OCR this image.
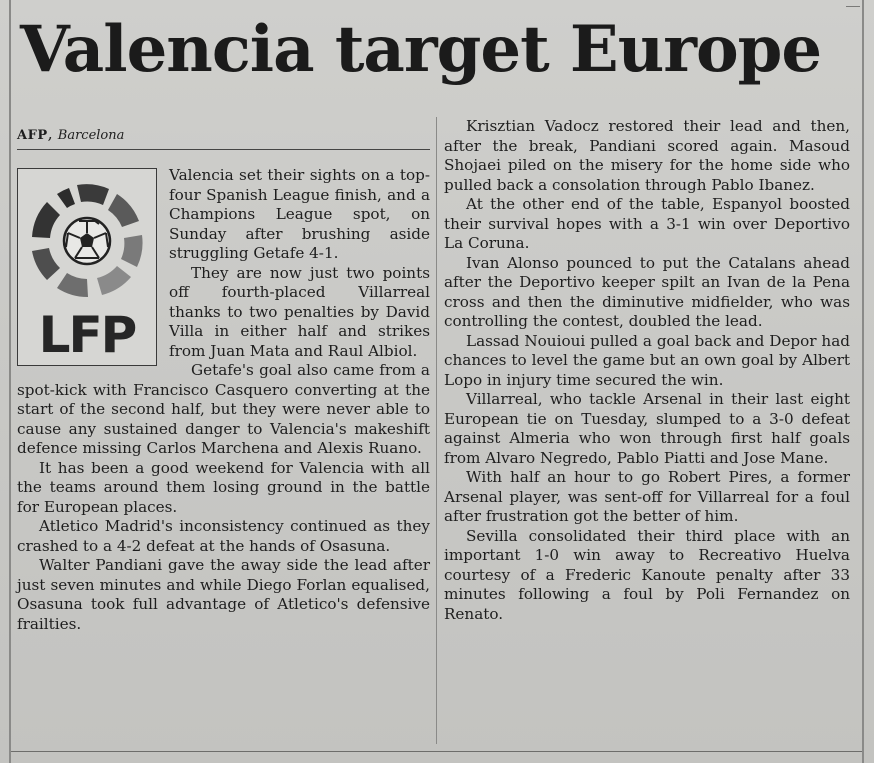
Valencia target Europe
AFP, Barcelona
LFP

Valencia set their sights on a top-four Spanish League finish, and a Champions League spot, on Sunday after brushing aside struggling Getafe 4-1.

They are now just two points off fourth-placed Villarreal thanks to two penalties by David Villa in either half and strikes from Juan Mata and Raul Albiol.

Getafe's goal also came from a spot-kick with Francisco Casquero converting at the start of the second half, but they were never able to cause any sustained danger to Valencia's makeshift defence missing Carlos Marchena and Alexis Ruano.

It has been a good weekend for Valencia with all the teams around them losing ground in the battle for European places.

Atletico Madrid's inconsistency continued as they crashed to a 4-2 defeat at the hands of Osasuna.

Walter Pandiani gave the away side the lead after just seven minutes and while Diego Forlan equalised, Osasuna took full advantage of Atletico's defensive frailties.

Krisztian Vadocz restored their lead and then, after the break, Pandiani scored again. Masoud Shojaei piled on the misery for the home side who pulled back a consolation through Pablo Ibanez.

At the other end of the table, Espanyol boosted their survival hopes with a 3-1 win over Deportivo La Coruna.

Ivan Alonso pounced to put the Catalans ahead after the Deportivo keeper spilt an Ivan de la Pena cross and then the diminutive midfielder, who was controlling the contest, doubled the lead.

Lassad Nouioui pulled a goal back and Depor had chances to level the game but an own goal by Albert Lopo in injury time secured the win.

Villarreal, who tackle Arsenal in their last eight European tie on Tuesday, slumped to a 3-0 defeat against Almeria who won through first half goals from Alvaro Negredo, Pablo Piatti and Jose Mane.

With half an hour to go Robert Pires, a former Arsenal player, was sent-off for Villarreal for a foul after frustration got the better of him.

Sevilla consolidated their third place with an important 1-0 win away to Recreativo Huelva courtesy of a Frederic Kanoute penalty after 33 minutes following a foul by Poli Fernandez on Renato.
